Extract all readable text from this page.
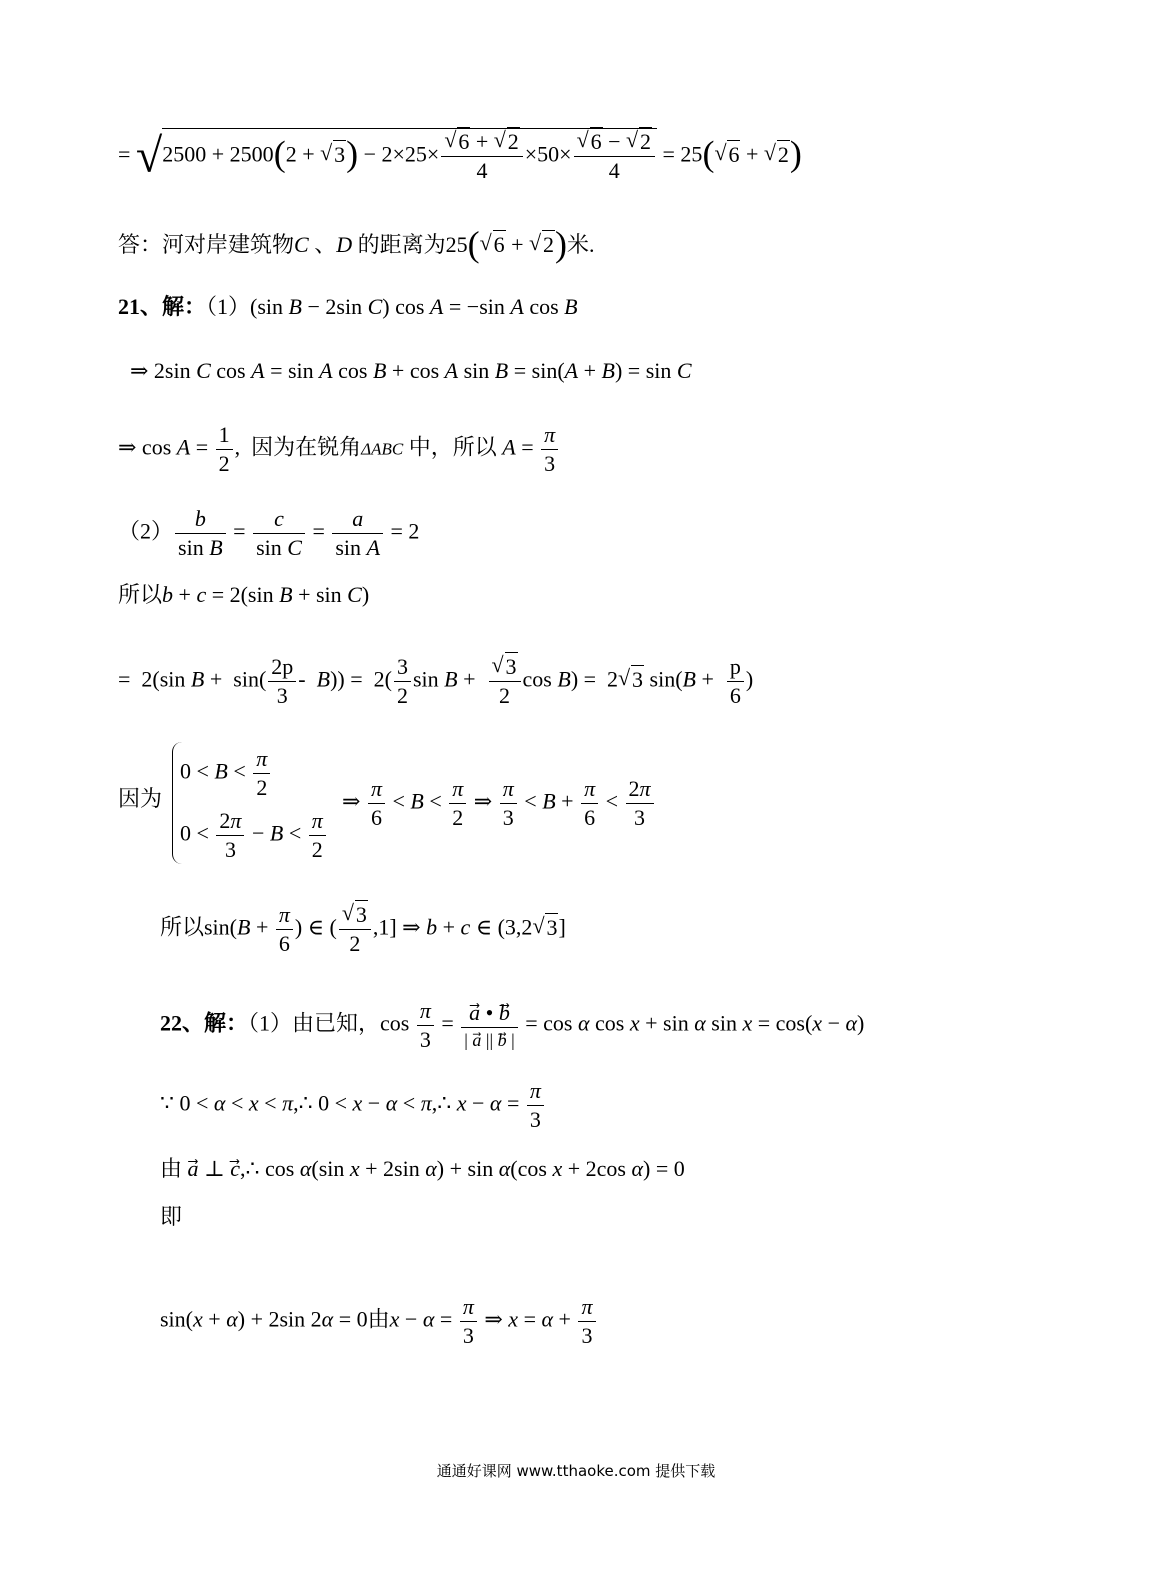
= √2500 + 2500(2 + √ 3) − 2×25×
√ $\frac{6 + √ 2}{4} \times 50\times$
√ $\frac{6 - √ 2}{4} = 25(√$ 6 + √ 2)
答：河对岸建筑物C 、D 的距离为25(√ 6 + √ 2)米.
21、解：（1）(sin B − 2sin C) cos A = −sin A cos B
⇒ 2sin C cos A = sin A cos B + cos A sin B = sin(A + B) = sin C
⇒ $\cos A = \frac{1}{2}$ ,  因为在锐角ΔABC 中，所以 $A = \frac{\pi}{3}$
$(2) \frac{b}{\text{sin B}} = \frac{c}{\text{sin C}} = \frac{a}{\text{sin A}} = 2$
所以b + c = 2(sin B + sin C)
=  2(sin $B + \sin( \frac{2p}{3} - B)) = 2( \frac{3}{2}$ sin B +
√ $\frac{3}{2}$ cos B) =  2√ 3 $\sin(B + \frac{p}{6}$ )
因为
$0 < B < \frac{\pi}{2}$
$0 < \frac{2\pi}{3} - B < \frac{\pi}{2}$
⇒ $\frac{\pi}{6} < B < \frac{\pi}{2}$ ⇒ $\frac{\pi}{3} < B + \frac{\pi}{6} < \frac{2\pi}{3}$
所以$\sin(B + \frac{\pi}{6}$ ) ∈ (
√ $\frac{3}{2} ,1$] ⇒ b + c ∈ (3,2√ 3]
22、解：（1）由已知，$\cos \frac{\pi}{3} = \frac{a⃗ • b}{| a⃗ || b⃗ |} = \cos \alpha$ cos x + sin α sin x = cos(x − α)
∵ 0 < α < x < π,∴ 0 < x − α < π,∴ $x - \alpha = \frac{\pi}{3}$
由 a⃗ ⊥ c⃗,∴ cos α(sin x + 2sin α) + sin α(cos x + 2cos α) = 0
即
sin(x + α) + 2sin 2α = 0由$x - \alpha = \frac{\pi}{3}$ ⇒ $x = \alpha + \frac{\pi}{3}$
通通好课网 www.tthaoke.com 提供下载
